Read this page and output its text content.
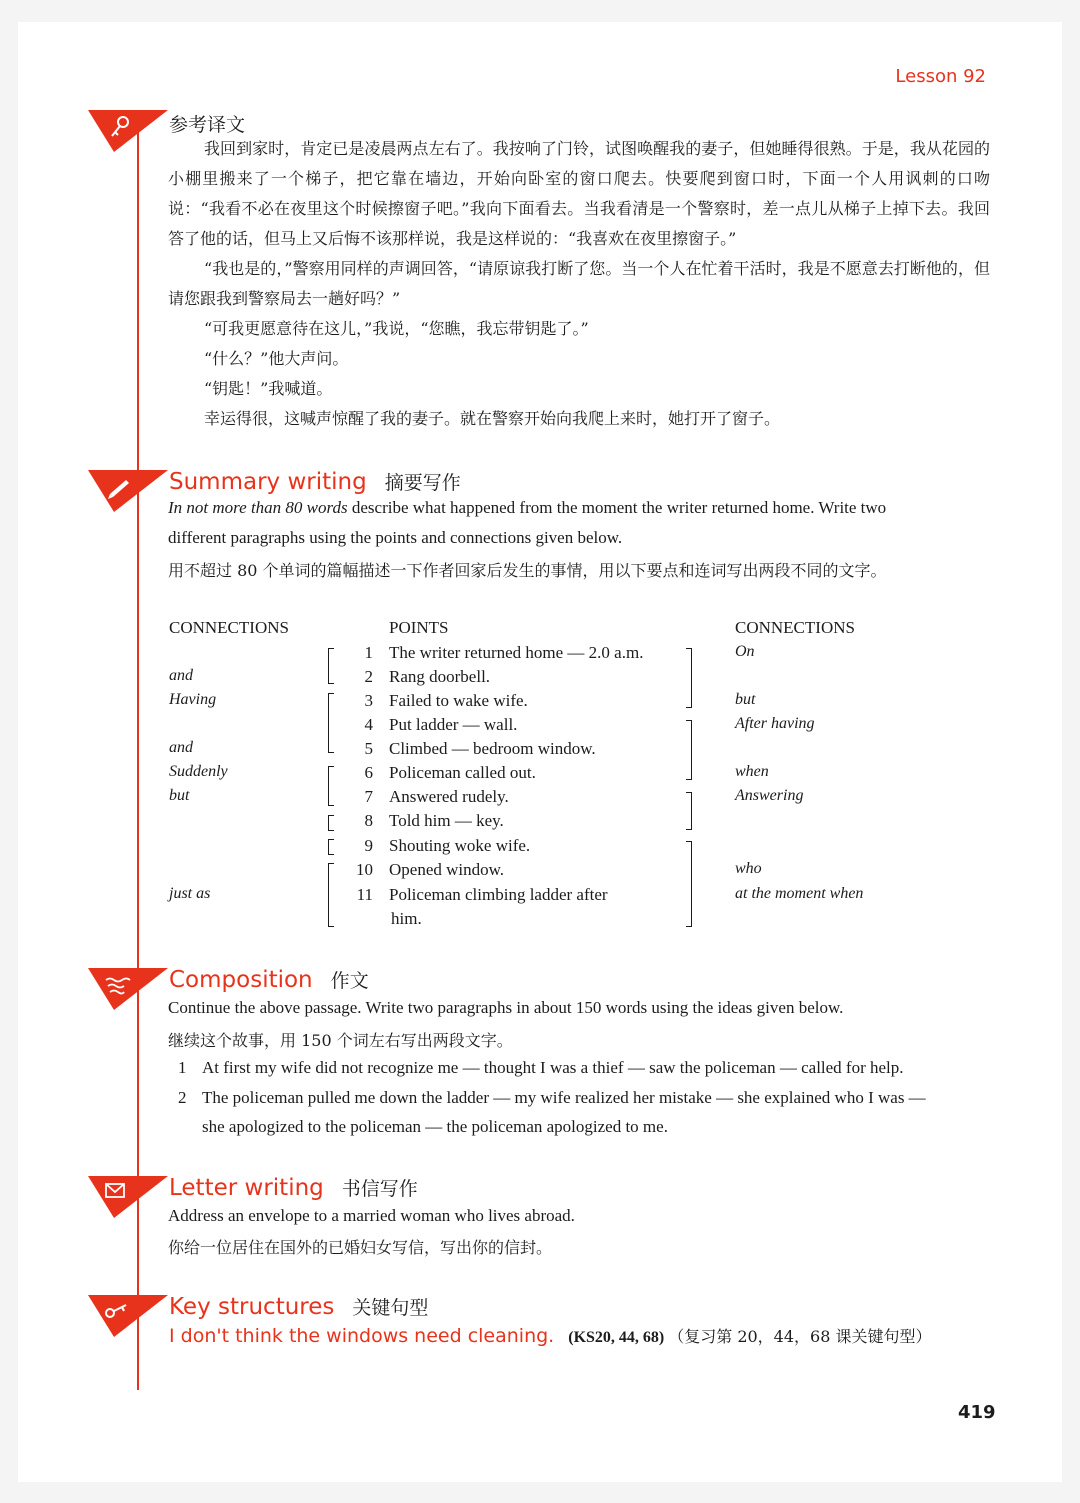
Lesson 92
参考译文

我回到家时，肯定已是凌晨两点左右了。我按响了门铃，试图唤醒我的妻子，但她睡得很熟。于是，我从花园的小棚里搬来了一个梯子，把它靠在墙边，开始向卧室的窗口爬去。快要爬到窗口时，下面一个人用讽刺的口吻说：“我看不必在夜里这个时候擦窗子吧。”我向下面看去。当我看清是一个警察时，差一点儿从梯子上掉下去。我回答了他的话，但马上又后悔不该那样说，我是这样说的：“我喜欢在夜里擦窗子。”

“我也是的，”警察用同样的声调回答，“请原谅我打断了您。当一个人在忙着干活时，我是不愿意去打断他的，但请您跟我到警察局去一趟好吗？”

“可我更愿意待在这儿，”我说，“您瞧，我忘带钥匙了。”

“什么？”他大声问。

“钥匙！”我喊道。

幸运得很，这喊声惊醒了我的妻子。就在警察开始向我爬上来时，她打开了窗子。

Summary writing 摘要写作
In not more than 80 words describe what happened from the moment the writer returned home. Write two
different paragraphs using the points and connections given below.
用不超过 80 个单词的篇幅描述一下作者回家后发生的事情，用以下要点和连词写出两段不同的文字。
CONNECTIONS	POINTS	CONNECTIONS
and
Having
and
Suddenly
but
just as
1 The writer returned home — 2.0 a.m.
2 Rang doorbell.
3 Failed to wake wife.
4 Put ladder — wall.
5 Climbed — bedroom window.
6 Policeman called out.
7 Answered rudely.
8 Told him — key.
9 Shouting woke wife.
10 Opened window.
11 Policeman climbing ladder after
him.
On
but
After having
when
Answering
who
at the moment when
Composition 作文
Continue the above passage. Write two paragraphs in about 150 words using the ideas given below.
继续这个故事，用 150 个词左右写出两段文字。
1 At first my wife did not recognize me — thought I was a thief — saw the policeman — called for help.
2 The policeman pulled me down the ladder — my wife realized her mistake — she explained who I was —
she apologized to the policeman — the policeman apologized to me.
Letter writing 书信写作
Address an envelope to a married woman who lives abroad.
你给一位居住在国外的已婚妇女写信，写出你的信封。
Key structures 关键句型
I don't think the windows need cleaning. (KS20, 44, 68) （复习第 20，44，68 课关键句型）
419
